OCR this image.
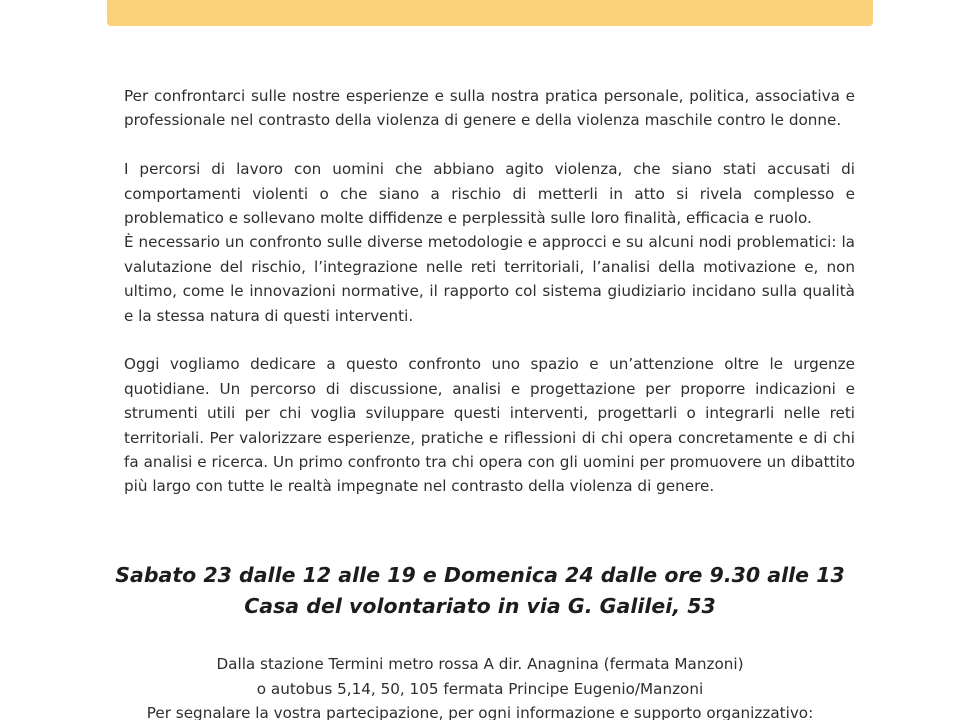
Per confrontarci sulle nostre esperienze e sulla nostra pratica personale, politica, associativa e professionale nel contrasto della violenza di genere e della violenza maschile contro le donne.

I percorsi di lavoro con uomini che abbiano agito violenza, che siano stati accusati di comportamenti violenti o che siano a rischio di metterli in atto si rivela complesso e problematico e sollevano molte diffidenze e perplessità sulle loro finalità, efficacia e ruolo.

È necessario un confronto sulle diverse metodologie e approcci e su alcuni nodi problematici: la valutazione del rischio, l’integrazione nelle reti territoriali, l’analisi della motivazione e, non ultimo, come le innovazioni normative, il rapporto col sistema giudiziario incidano sulla qualità e la stessa natura di questi interventi.

Oggi vogliamo dedicare a questo confronto uno spazio e un’attenzione oltre le urgenze quotidiane. Un percorso di discussione, analisi e progettazione per proporre indicazioni e strumenti utili per chi voglia sviluppare questi interventi, progettarli o integrarli nelle reti territoriali. Per valorizzare esperienze, pratiche e riflessioni di chi opera concretamente e di chi fa analisi e ricerca. Un primo confronto tra chi opera con gli uomini per promuovere un dibattito più largo con tutte le realtà impegnate nel contrasto della violenza di genere.

Sabato 23 dalle 12 alle 19 e Domenica 24 dalle ore 9.30 alle 13
Casa del volontariato in via G. Galilei, 53
Dalla stazione Termini metro rossa A dir. Anagnina (fermata Manzoni)
o autobus 5,14, 50, 105 fermata Principe Eugenio/Manzoni
Per segnalare la vostra partecipazione, per ogni informazione e supporto organizzativo:
